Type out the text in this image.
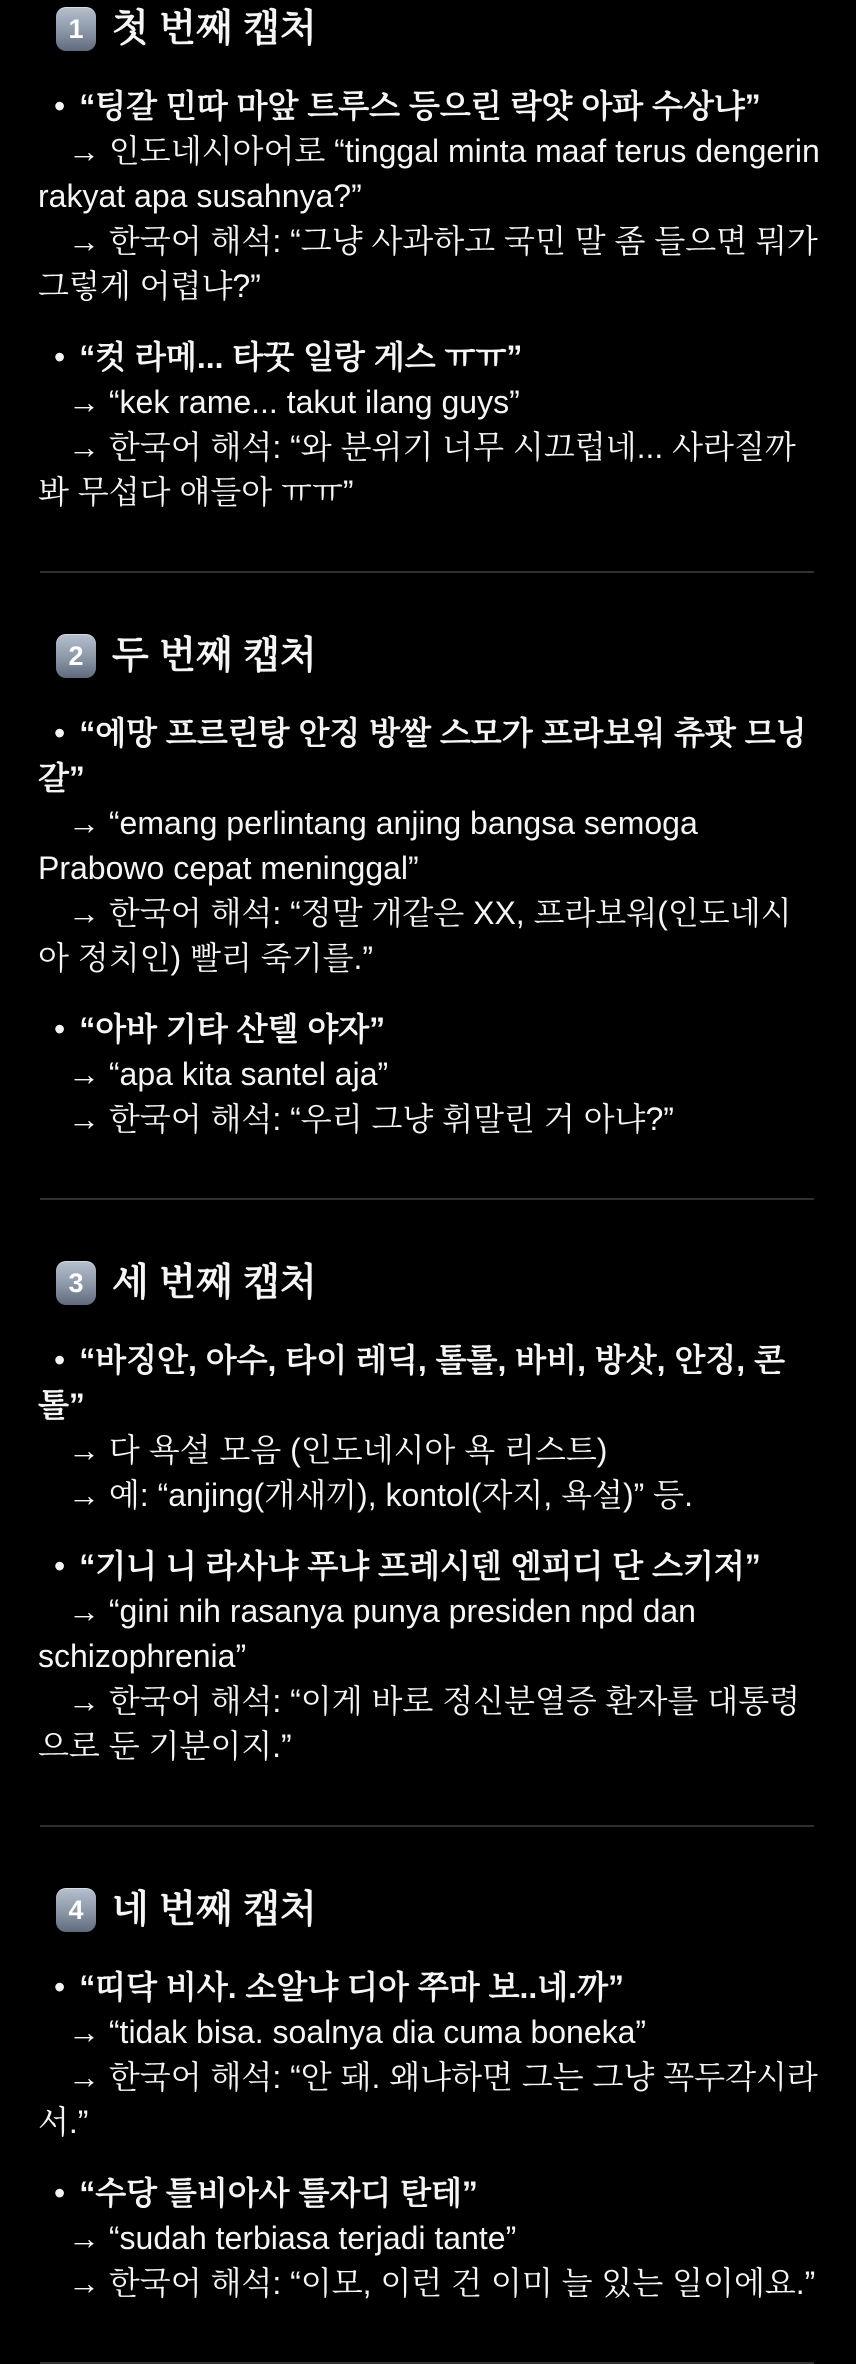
1 첫 번째 캡처

• “팅갈 민따 마앞 트루스 등으린 락얏 아파 수상냐”

→ 인도네시아어로 “tinggal minta maaf terus dengerin rakyat apa susahnya?”

→ 한국어 해석: “그냥 사과하고 국민 말 좀 들으면 뭐가 그렇게 어렵냐?”

• “컷 라메... 타꿋 일랑 게스 ㅠㅠ”

→ “kek rame... takut ilang guys”

→ 한국어 해석: “와 분위기 너무 시끄럽네... 사라질까 봐 무섭다 얘들아 ㅠㅠ”

2 두 번째 캡처

• “에망 프르린탕 안징 방쌀 스모가 프라보워 츄팟 므닝갈”

→ “emang perlintang anjing bangsa semoga Prabowo cepat meninggal”

→ 한국어 해석: “정말 개같은 XX, 프라보워(인도네시아 정치인) 빨리 죽기를.”

• “아바 기타 산텔 야자”

→ “apa kita santel aja”

→ 한국어 해석: “우리 그냥 휘말린 거 아냐?”

3 세 번째 캡처

• “바징안, 아수, 타이 레딕, 톨롤, 바비, 방삿, 안징, 콘톨”

→ 다 욕설 모음 (인도네시아 욕 리스트)

→ 예: “anjing(개새끼), kontol(자지, 욕설)” 등.

• “기니 니 라사냐 푸냐 프레시덴 엔피디 단 스키저”

→ “gini nih rasanya punya presiden npd dan schizophrenia”

→ 한국어 해석: “이게 바로 정신분열증 환자를 대통령으로 둔 기분이지.”

4 네 번째 캡처

• “띠닥 비사. 소알냐 디아 쭈마 보..네.까”

→ “tidak bisa. soalnya dia cuma boneka”

→ 한국어 해석: “안 돼. 왜냐하면 그는 그냥 꼭두각시라서.”

• “수당 틀비아사 틀자디 탄테”

→ “sudah terbiasa terjadi tante”

→ 한국어 해석: “이모, 이런 건 이미 늘 있는 일이에요.”
